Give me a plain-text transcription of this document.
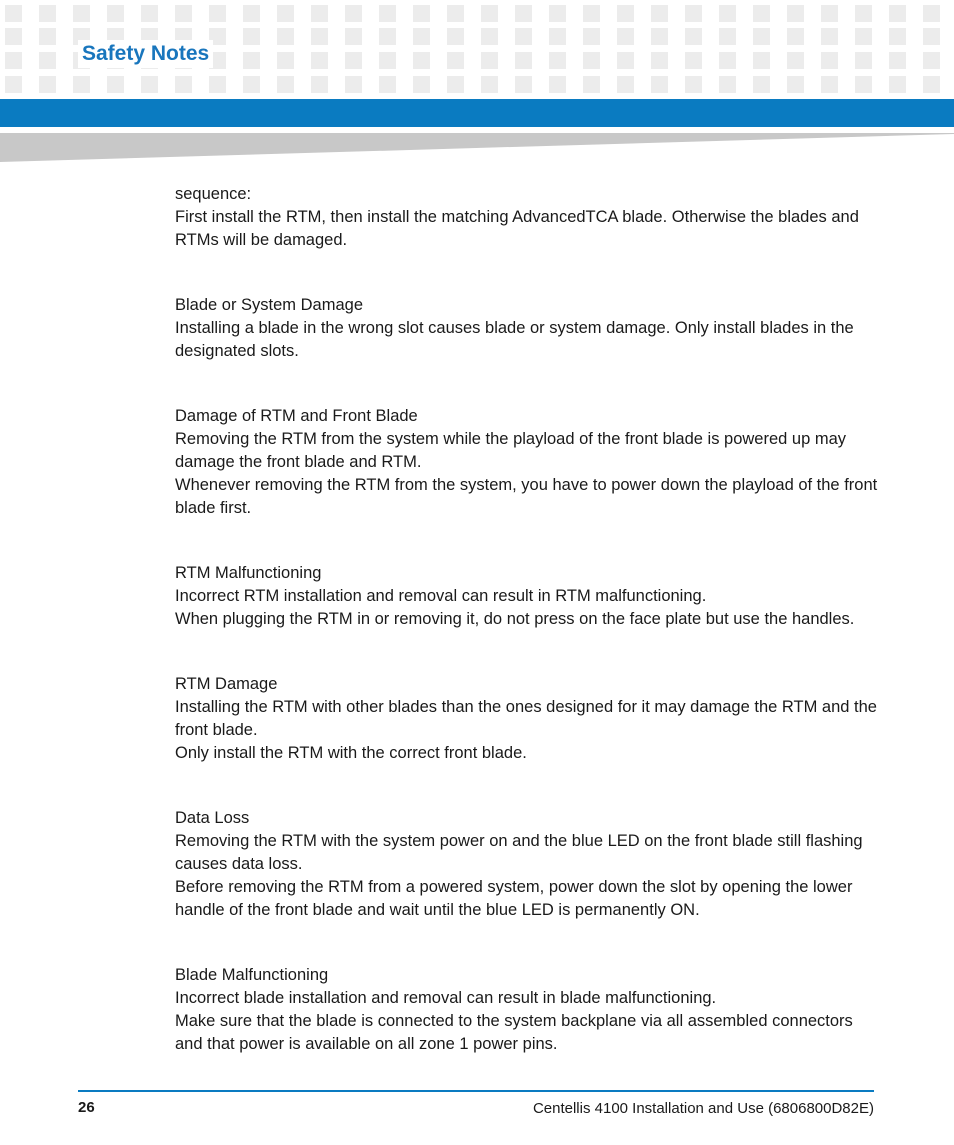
Safety Notes

sequence:

First install the RTM, then install the matching AdvancedTCA blade. Otherwise the blades and RTMs will be damaged.

Blade or System Damage

Installing a blade in the wrong slot causes blade or system damage. Only install blades in the designated slots.

Damage of RTM and Front Blade

Removing the RTM from the system while the playload of the front blade is powered up may damage the front blade and RTM.

Whenever removing the RTM from the system, you have to power down the playload of the front blade first.

RTM Malfunctioning

Incorrect RTM installation and removal can result in RTM malfunctioning.

When plugging the RTM in or removing it, do not press on the face plate but use the handles.

RTM Damage

Installing the RTM with other blades than the ones designed for it may damage the RTM and the front blade.

Only install the RTM with the correct front blade.

Data Loss

Removing the RTM with the system power on and the blue LED on the front blade still flashing causes data loss.

Before removing the RTM from a powered system, power down the slot by opening the lower handle of the front blade and wait until the blue LED is permanently ON.

Blade Malfunctioning

Incorrect blade installation and removal can result in blade malfunctioning.

Make sure that the blade is connected to the system backplane via all assembled connectors and that power is available on all zone 1 power pins.

26	Centellis 4100 Installation and Use (6806800D82E)
